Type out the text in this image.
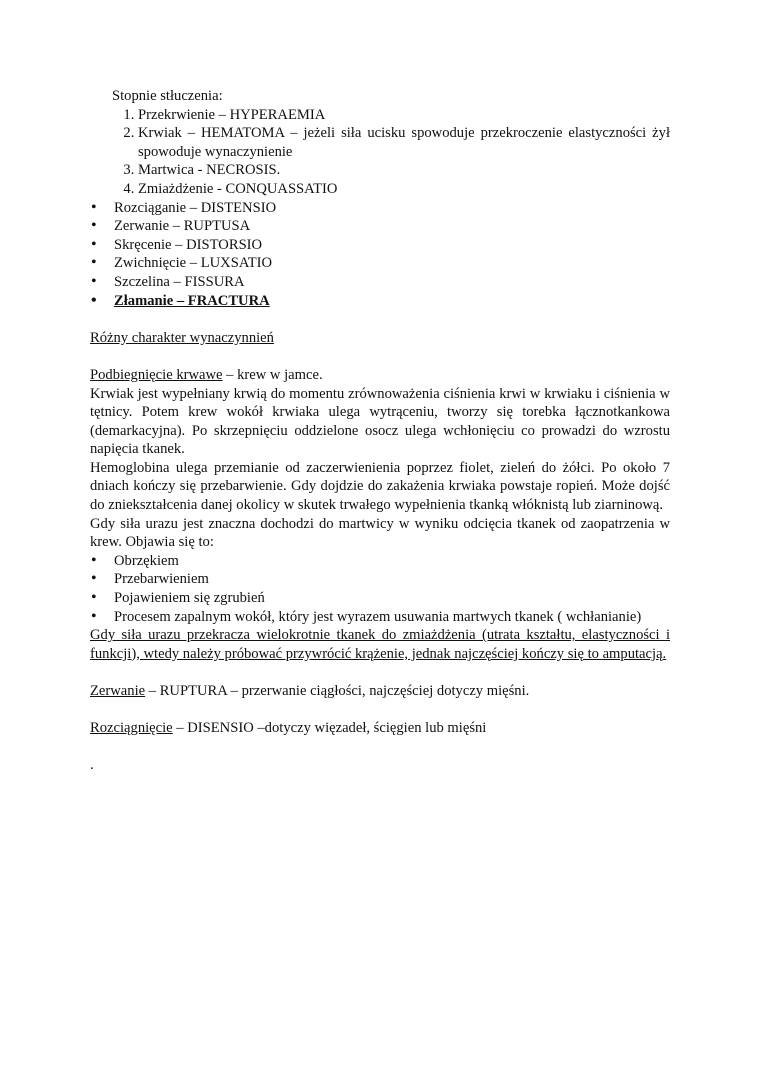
Stopnie stłuczenia:

1. Przekrwienie – HYPERAEMIA
2. Krwiak – HEMATOMA – jeżeli siła ucisku spowoduje przekroczenie elastyczności żył spowoduje wynaczynienie
3. Martwica - NECROSIS.
4. Zmiażdżenie - CONQUASSATIO
• Rozciąganie – DISTENSIO
• Zerwanie – RUPTUSA
• Skręcenie – DISTORSIO
• Zwichnięcie – LUXSATIO
• Szczelina – FISSURA
• Złamanie – FRACTURA

Różny charakter wynaczynnień

Podbiegnięcie krwawe – krew w jamce.

Krwiak jest wypełniany krwią do momentu zrównoważenia ciśnienia krwi w krwiaku i ciśnienia w tętnicy. Potem krew wokół krwiaka ulega wytrąceniu, tworzy się torebka łącznotkankowa (demarkacyjna). Po skrzepnięciu oddzielone osocz ulega wchłonięciu co prowadzi do wzrostu napięcia tkanek.

Hemoglobina ulega przemianie od zaczerwienienia poprzez fiolet, zieleń do żółci. Po około 7 dniach kończy się przebarwienie. Gdy dojdzie do zakażenia krwiaka powstaje ropień. Może dojść do zniekształcenia danej okolicy w skutek trwałego wypełnienia tkanką włóknistą lub ziarninową.

Gdy siła urazu jest znaczna dochodzi do martwicy w wyniku odcięcia tkanek od zaopatrzenia w krew. Objawia się to:

• Obrzękiem
• Przebarwieniem
• Pojawieniem się zgrubień
• Procesem zapalnym wokół, który jest wyrazem usuwania martwych tkanek ( wchłanianie)

Gdy siła urazu przekracza wielokrotnie tkanek do zmiażdżenia (utrata kształtu, elastyczności i funkcji), wtedy należy próbować przywrócić krążenie, jednak najczęściej kończy się to amputacją.

Zerwanie – RUPTURA – przerwanie ciągłości, najczęściej dotyczy mięśni.

Rozciągnięcie – DISENSIO –dotyczy więzadeł, ścięgien lub mięśni

.
